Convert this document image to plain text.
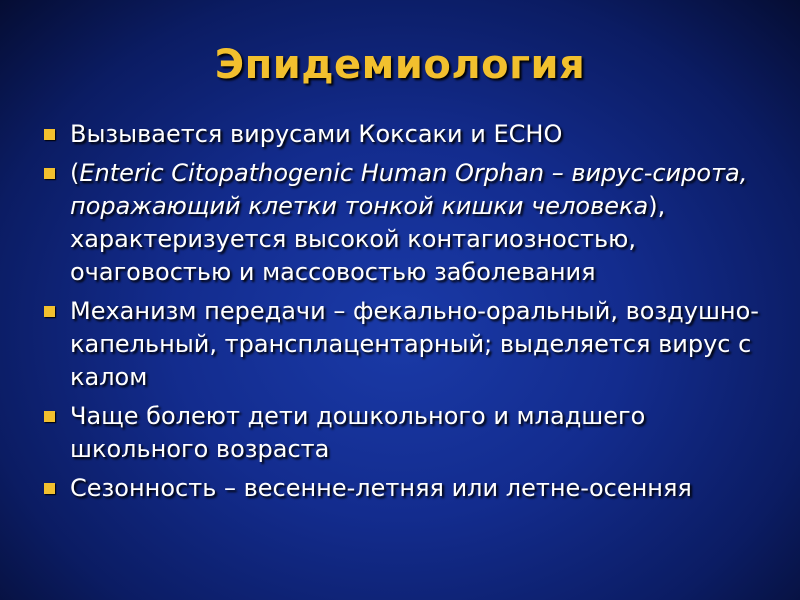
Эпидемиология
Вызывается вирусами Коксаки и ЕСНО
(Enteric Citopathogenic Human Orphan – вирус-сирота, поражающий клетки тонкой кишки человека), характеризуется высокой контагиозностью, очаговостью и массовостью заболевания
Механизм передачи – фекально-оральный, воздушно-капельный, трансплацентарный; выделяется вирус с калом
Чаще болеют дети дошкольного и младшего школьного возраста
Сезонность – весенне-летняя или летне-осенняя
